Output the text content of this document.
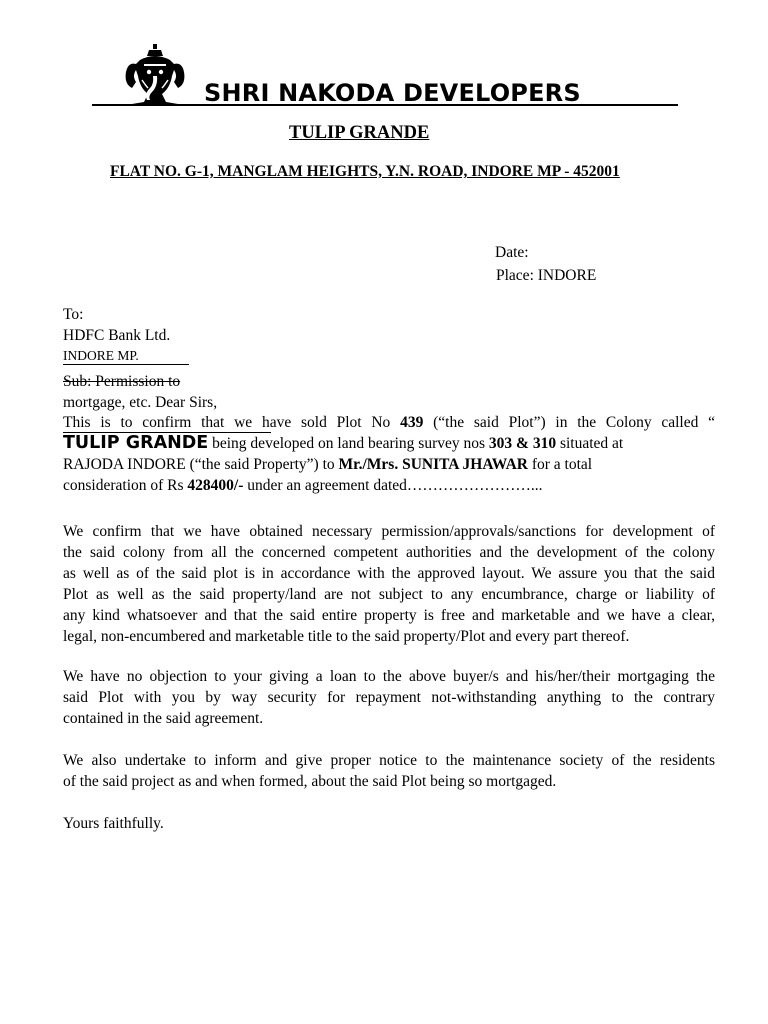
SHRI NAKODA DEVELOPERS
TULIP GRANDE
FLAT NO. G-1, MANGLAM HEIGHTS, Y.N. ROAD, INDORE MP - 452001
Date:
Place: INDORE
To:
HDFC Bank Ltd.
INDORE MP.
Sub: Permission to
mortgage, etc. Dear Sirs,
This is to confirm that we have sold Plot No 439 (“the said Plot”) in the Colony called “
TULIP GRANDE being developed on land bearing survey nos 303 & 310 situated at
RAJODA INDORE (“the said Property”) to Mr./Mrs. SUNITA JHAWAR for a total
consideration of Rs 428400/- under an agreement dated……………………...
We confirm that we have obtained necessary permission/approvals/sanctions for development of
the said colony from all the concerned competent authorities and the development of the colony
as well as of the said plot is in accordance with the approved layout. We assure you that the said
Plot as well as the said property/land are not subject to any encumbrance, charge or liability of
any kind whatsoever and that the said entire property is free and marketable and we have a clear,
legal, non-encumbered and marketable title to the said property/Plot and every part thereof.
We have no objection to your giving a loan to the above buyer/s and his/her/their mortgaging the
said Plot with you by way security for repayment not-withstanding anything to the contrary
contained in the said agreement.
We also undertake to inform and give proper notice to the maintenance society of the residents
of the said project as and when formed, about the said Plot being so mortgaged.
Yours faithfully.
